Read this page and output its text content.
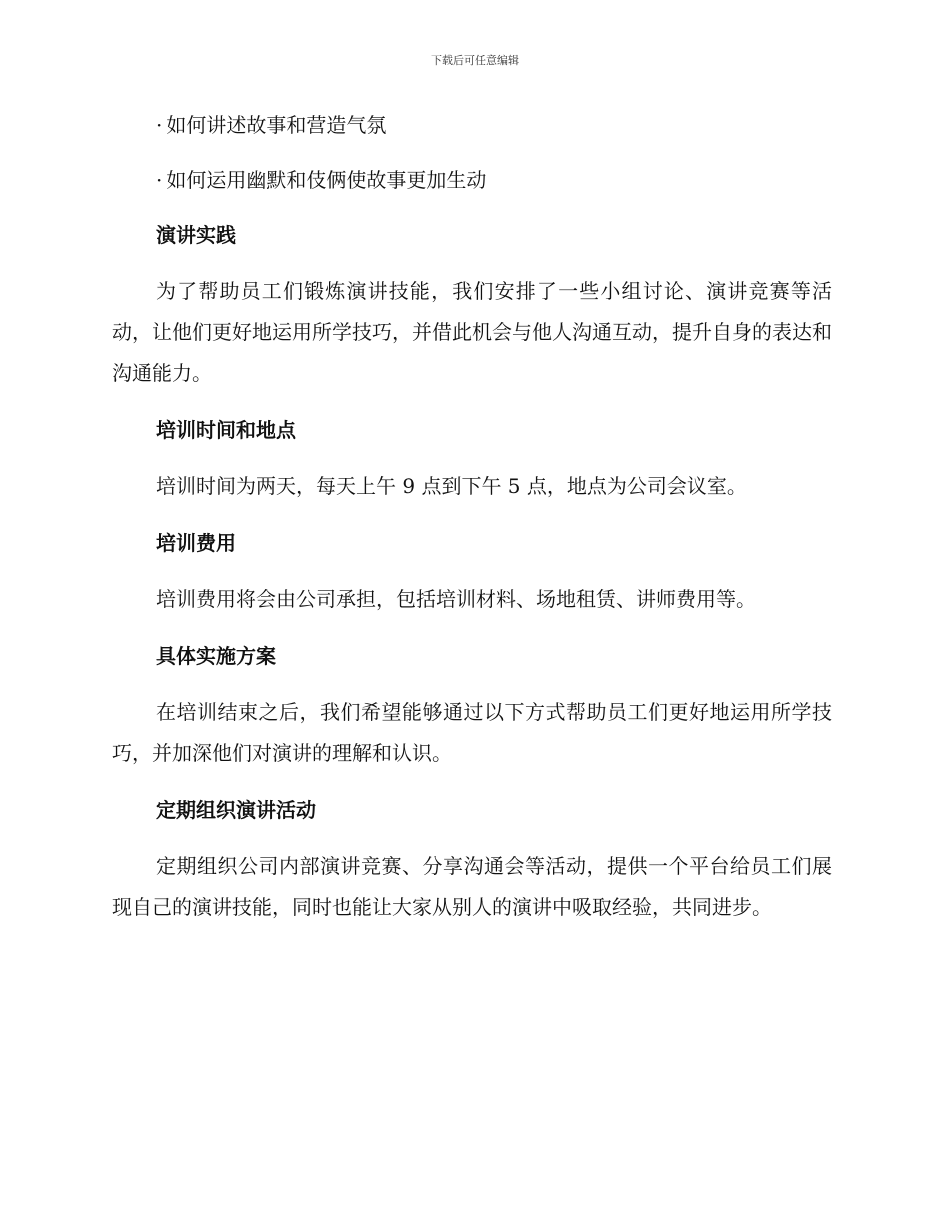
下载后可任意编辑
· 如何讲述故事和营造气氛
· 如何运用幽默和伎俩使故事更加生动
演讲实践

为了帮助员工们锻炼演讲技能，我们安排了一些小组讨论、演讲竞赛等活动，让他们更好地运用所学技巧，并借此机会与他人沟通互动，提升自身的表达和沟通能力。

培训时间和地点

培训时间为两天，每天上午 9 点到下午 5 点，地点为公司会议室。

培训费用

培训费用将会由公司承担，包括培训材料、场地租赁、讲师费用等。

具体实施方案

在培训结束之后，我们希望能够通过以下方式帮助员工们更好地运用所学技巧，并加深他们对演讲的理解和认识。

定期组织演讲活动

定期组织公司内部演讲竞赛、分享沟通会等活动，提供一个平台给员工们展现自己的演讲技能，同时也能让大家从别人的演讲中吸取经验，共同进步。
